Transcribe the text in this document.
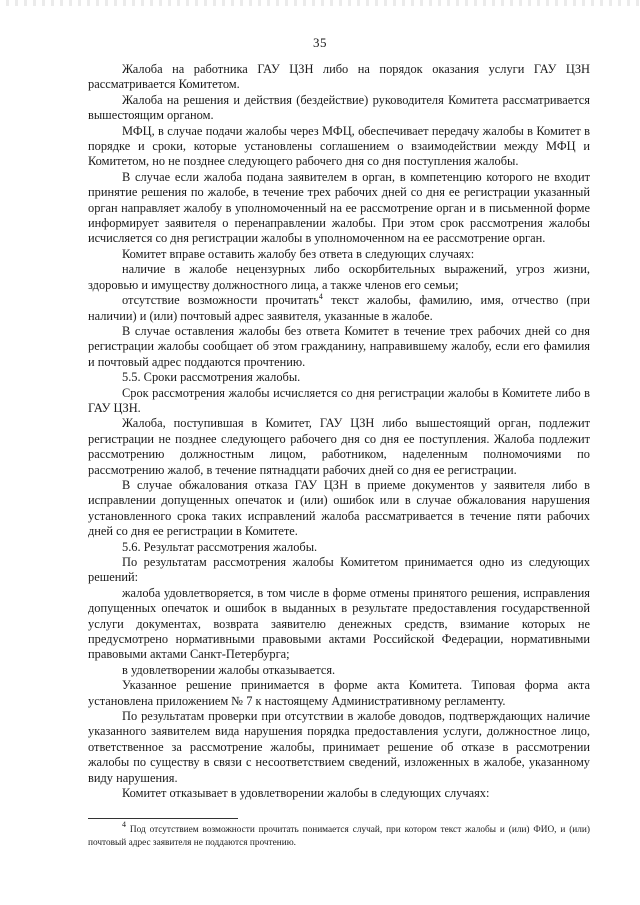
35

Жалоба на работника ГАУ ЦЗН либо на порядок оказания услуги ГАУ ЦЗН рассматривается Комитетом.

Жалоба на решения и действия (бездействие) руководителя Комитета рассматривается вышестоящим органом.

МФЦ, в случае подачи жалобы через МФЦ, обеспечивает передачу жалобы в Комитет в порядке и сроки, которые установлены соглашением о взаимодействии между МФЦ и Комитетом, но не позднее следующего рабочего дня со дня поступления жалобы.

В случае если жалоба подана заявителем в орган, в компетенцию которого не входит принятие решения по жалобе, в течение трех рабочих дней со дня ее регистрации указанный орган направляет жалобу в уполномоченный на ее рассмотрение орган и в письменной форме информирует заявителя о перенаправлении жалобы. При этом срок рассмотрения жалобы исчисляется со дня регистрации жалобы в уполномоченном на ее рассмотрение орган.

Комитет вправе оставить жалобу без ответа в следующих случаях:

наличие в жалобе нецензурных либо оскорбительных выражений, угроз жизни, здоровью и имуществу должностного лица, а также членов его семьи;

отсутствие возможности прочитать$^4$ текст жалобы, фамилию, имя, отчество (при наличии) и (или) почтовый адрес заявителя, указанные в жалобе.

В случае оставления жалобы без ответа Комитет в течение трех рабочих дней со дня регистрации жалобы сообщает об этом гражданину, направившему жалобу, если его фамилия и почтовый адрес поддаются прочтению.

5.5. Сроки рассмотрения жалобы.

Срок рассмотрения жалобы исчисляется со дня регистрации жалобы в Комитете либо в ГАУ ЦЗН.

Жалоба, поступившая в Комитет, ГАУ ЦЗН либо вышестоящий орган, подлежит регистрации не позднее следующего рабочего дня со дня ее поступления. Жалоба подлежит рассмотрению должностным лицом, работником, наделенным полномочиями по рассмотрению жалоб, в течение пятнадцати рабочих дней со дня ее регистрации.

В случае обжалования отказа ГАУ ЦЗН в приеме документов у заявителя либо в исправлении допущенных опечаток и (или) ошибок или в случае обжалования нарушения установленного срока таких исправлений жалоба рассматривается в течение пяти рабочих дней со дня ее регистрации в Комитете.

5.6. Результат рассмотрения жалобы.

По результатам рассмотрения жалобы Комитетом принимается одно из следующих решений:

жалоба удовлетворяется, в том числе в форме отмены принятого решения, исправления допущенных опечаток и ошибок в выданных в результате предоставления государственной услуги документах, возврата заявителю денежных средств, взимание которых не предусмотрено нормативными правовыми актами Российской Федерации, нормативными правовыми актами Санкт-Петербурга;

в удовлетворении жалобы отказывается.

Указанное решение принимается в форме акта Комитета. Типовая форма акта установлена приложением № 7 к настоящему Административному регламенту.

По результатам проверки при отсутствии в жалобе доводов, подтверждающих наличие указанного заявителем вида нарушения порядка предоставления услуги, должностное лицо, ответственное за рассмотрение жалобы, принимает решение об отказе в рассмотрении жалобы по существу в связи с несоответствием сведений, изложенных в жалобе, указанному виду нарушения.

Комитет отказывает в удовлетворении жалобы в следующих случаях:

$^4$ Под отсутствием возможности прочитать понимается случай, при котором текст жалобы и (или) ФИО, и (или) почтовый адрес заявителя не поддаются прочтению.
